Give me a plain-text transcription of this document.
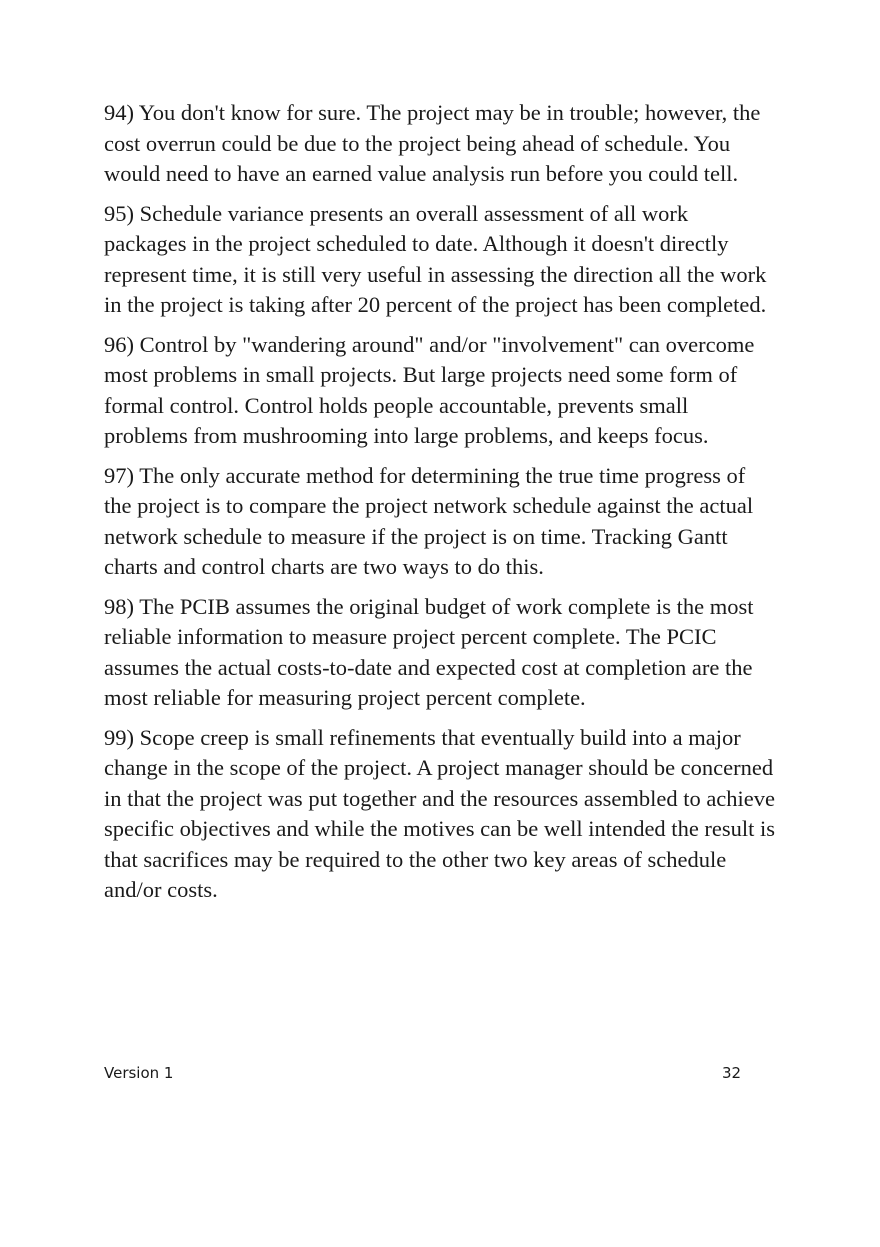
94) You don't know for sure. The project may be in trouble; however, the cost overrun could be due to the project being ahead of schedule. You would need to have an earned value analysis run before you could tell.

95) Schedule variance presents an overall assessment of all work packages in the project scheduled to date. Although it doesn't directly represent time, it is still very useful in assessing the direction all the work in the project is taking after 20 percent of the project has been completed.

96) Control by "wandering around" and/or "involvement" can overcome most problems in small projects. But large projects need some form of formal control. Control holds people accountable, prevents small problems from mushrooming into large problems, and keeps focus.

97) The only accurate method for determining the true time progress of the project is to compare the project network schedule against the actual network schedule to measure if the project is on time. Tracking Gantt charts and control charts are two ways to do this.

98) The PCIB assumes the original budget of work complete is the most reliable information to measure project percent complete. The PCIC assumes the actual costs-to-date and expected cost at completion are the most reliable for measuring project percent complete.

99) Scope creep is small refinements that eventually build into a major change in the scope of the project. A project manager should be concerned in that the project was put together and the resources assembled to achieve specific objectives and while the motives can be well intended the result is that sacrifices may be required to the other two key areas of schedule and/or costs.

Version 1	32
